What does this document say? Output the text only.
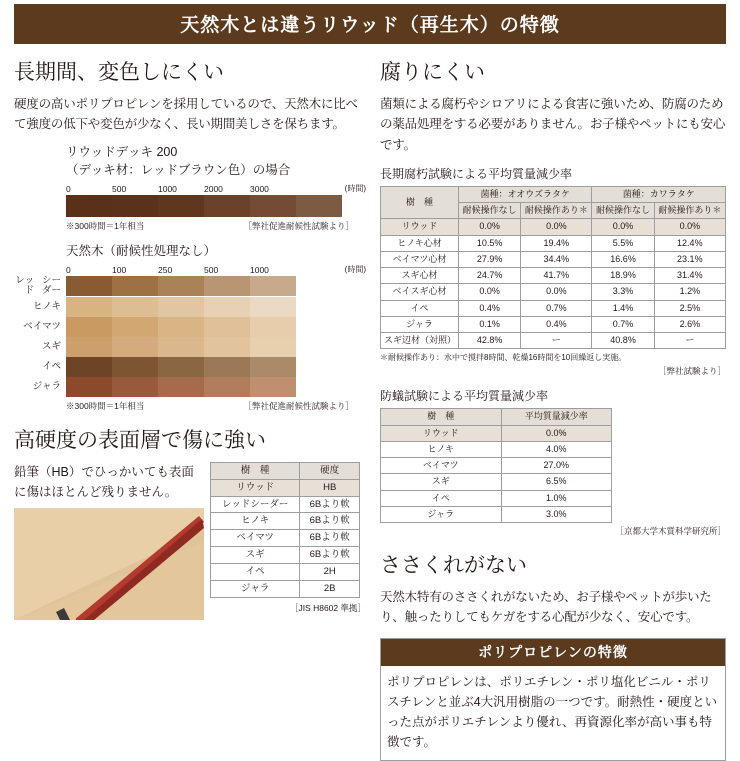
天然木とは違うリウッド（再生木）の特徴
長期間、変色しにくい

硬度の高いポリプロピレンを採用しているので、天然木に比べて強度の低下や変色が少なく、長い期間美しさを保ちます。

リウッドデッキ 200
（デッキ材：レッドブラウン色）の場合
0	500	1000	2000	3000	(時間)
※300時間＝1年相当	［弊社促進耐候性試験より］
天然木（耐候性処理なし）
0	100	250	500	1000	(時間)
レッド

シーダー
ヒノキ
ベイマツ
スギ
イペ
ジャラ
※300時間＝1年相当	［弊社促進耐候性試験より］
高硬度の表面層で傷に強い

鉛筆（HB）でひっかいても表面に傷はほとんど残りません。

樹　種	硬度
リウッド	HB
レッドシーダー	6Bより軟
ヒノキ	6Bより軟
ベイマツ	6Bより軟
スギ	6Bより軟
イペ	2H
ジャラ	2B
［JIS H8602 準拠］
腐りにくい

菌類による腐朽やシロアリによる食害に強いため、防腐のための薬品処理をする必要がありません。お子様やペットにも安心です。

長期腐朽試験による平均質量減少率
樹　種	菌種：オオウズラタケ		菌種：カワラタケ	
	耐候操作なし	耐候操作あり＊	耐候操作なし	耐候操作あり＊
リウッド	0.0%	0.0%	0.0%	0.0%
ヒノキ心材	10.5%	19.4%	5.5%	12.4%
ベイマツ心材	27.9%	34.4%	16.6%	23.1%
スギ心材	24.7%	41.7%	18.9%	31.4%
ベイスギ心材	0.0%	0.0%	3.3%	1.2%
イペ	0.4%	0.7%	1.4%	2.5%
ジャラ	0.1%	0.4%	0.7%	2.6%
スギ辺材（対照）	42.8%	ー	40.8%	ー
＊耐候操作あり：水中で撹拌8時間、乾燥16時間を10回繰返し実施。
［弊社試験より］
防蟻試験による平均質量減少率
樹　種	平均質量減少率
リウッド	0.0%
ヒノキ	4.0%
ベイマツ	27.0%
スギ	6.5%
イペ	1.0%
ジャラ	3.0%
［京都大学木質科学研究所］
ささくれがない

天然木特有のささくれがないため、お子様やペットが歩いたり、触ったりしてもケガをする心配が少なく、安心です。

ポリプロピレンの特徴
ポリプロピレンは、ポリエチレン・ポリ塩化ビニル・ポリスチレンと並ぶ4大汎用樹脂の一つです。耐熱性・硬度といった点がポリエチレンより優れ、再資源化率が高い事も特徴です。
